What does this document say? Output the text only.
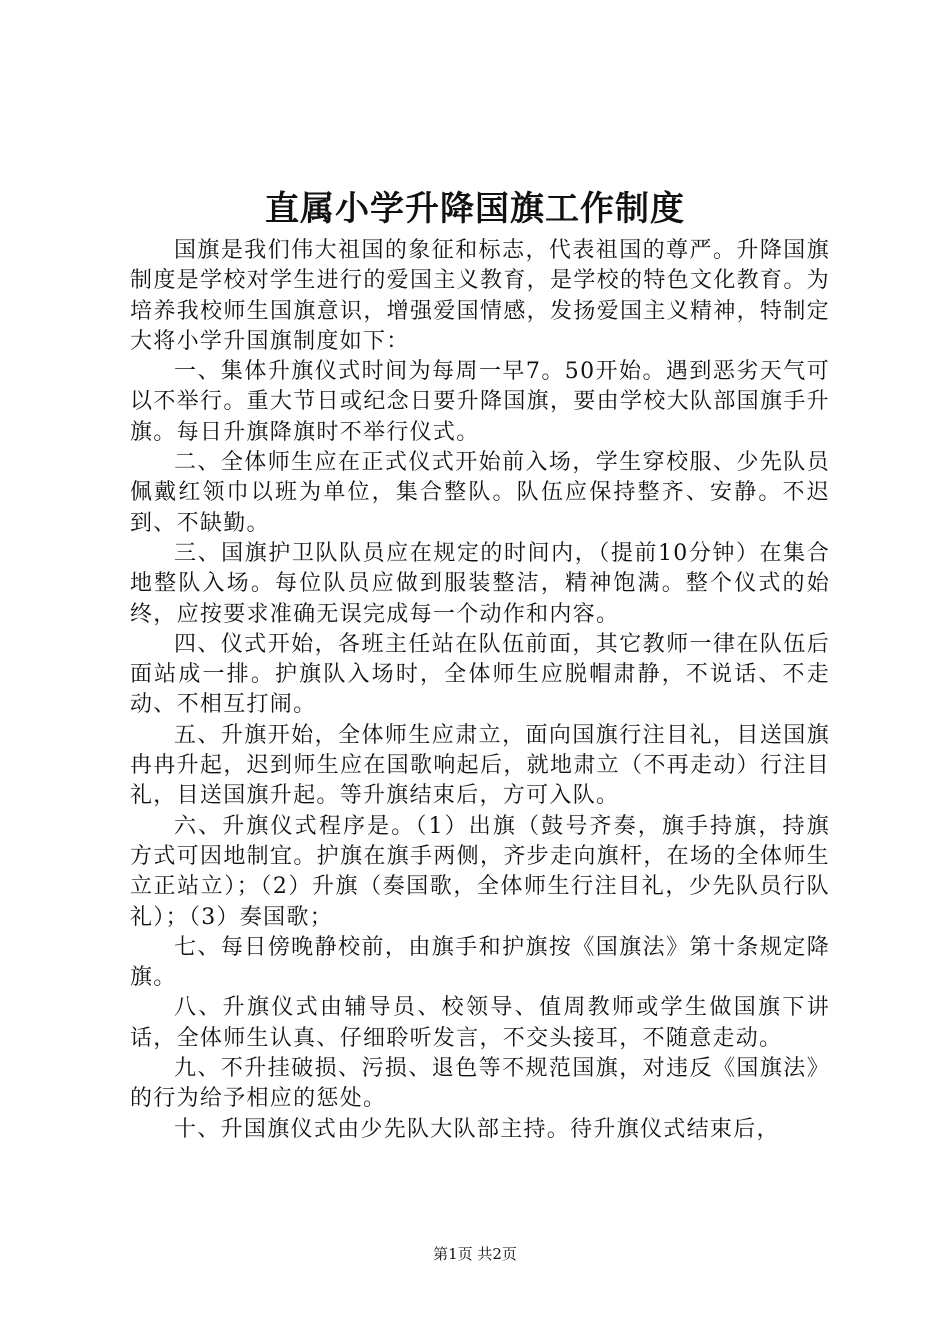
直属小学升降国旗工作制度

国旗是我们伟大祖国的象征和标志，代表祖国的尊严。升降国旗制度是学校对学生进行的爱国主义教育，是学校的特色文化教育。为培养我校师生国旗意识，增强爱国情感，发扬爱国主义精神，特制定大将小学升国旗制度如下：

一、集体升旗仪式时间为每周一早7。50开始。遇到恶劣天气可以不举行。重大节日或纪念日要升降国旗，要由学校大队部国旗手升旗。每日升旗降旗时不举行仪式。

二、全体师生应在正式仪式开始前入场，学生穿校服、少先队员佩戴红领巾以班为单位，集合整队。队伍应保持整齐、安静。不迟到、不缺勤。

三、国旗护卫队队员应在规定的时间内，（提前10分钟）在集合地整队入场。每位队员应做到服装整洁，精神饱满。整个仪式的始终，应按要求准确无误完成每一个动作和内容。

四、仪式开始，各班主任站在队伍前面，其它教师一律在队伍后面站成一排。护旗队入场时，全体师生应脱帽肃静，不说话、不走动、不相互打闹。

五、升旗开始，全体师生应肃立，面向国旗行注目礼，目送国旗冉冉升起，迟到师生应在国歌响起后，就地肃立（不再走动）行注目礼，目送国旗升起。等升旗结束后，方可入队。

六、升旗仪式程序是。（1）出旗（鼓号齐奏，旗手持旗，持旗方式可因地制宜。护旗在旗手两侧，齐步走向旗杆，在场的全体师生立正站立）；（2）升旗（奏国歌，全体师生行注目礼，少先队员行队礼）；（3）奏国歌；

七、每日傍晚静校前，由旗手和护旗按《国旗法》第十条规定降旗。

八、升旗仪式由辅导员、校领导、值周教师或学生做国旗下讲话，全体师生认真、仔细聆听发言，不交头接耳，不随意走动。

九、不升挂破损、污损、退色等不规范国旗，对违反《国旗法》的行为给予相应的惩处。

十、升国旗仪式由少先队大队部主持。待升旗仪式结束后，

第1页 共2页
